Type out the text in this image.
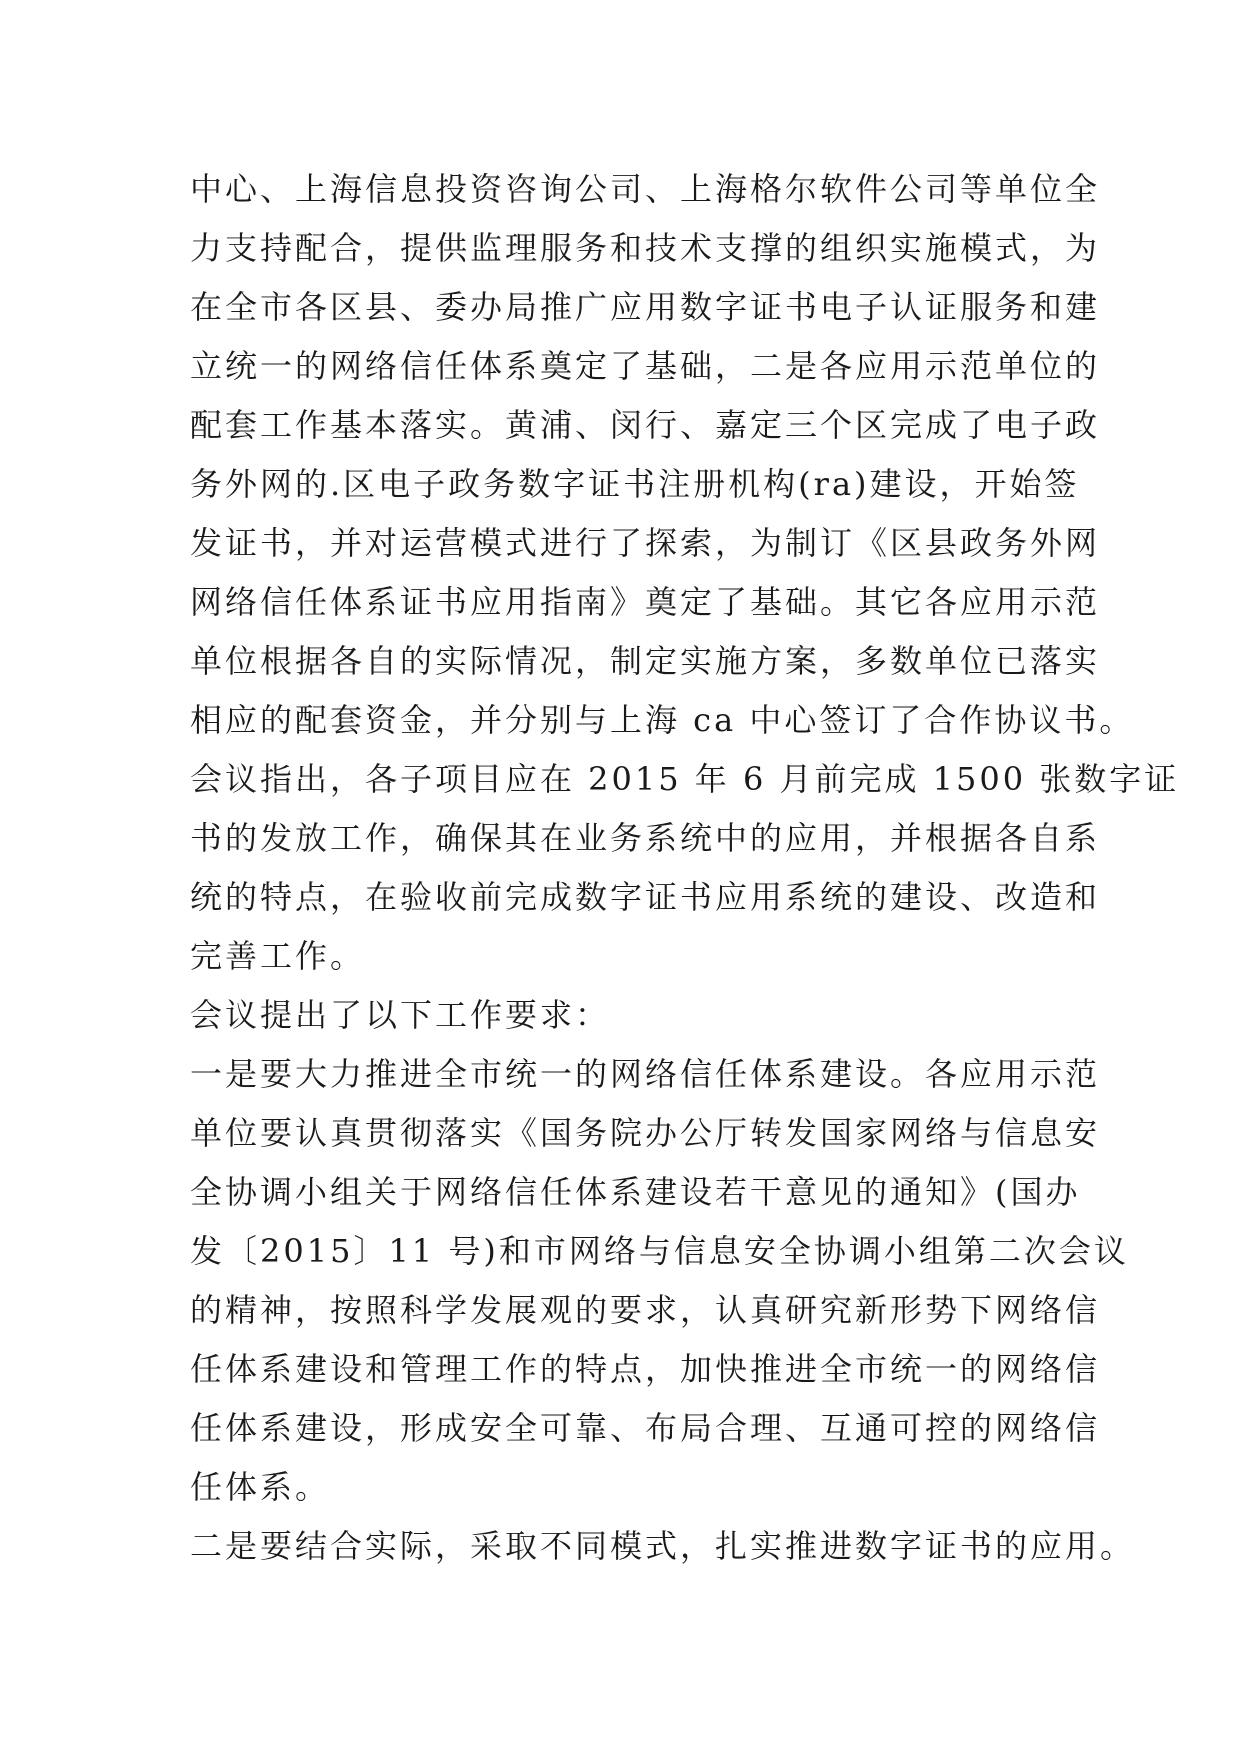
中心、上海信息投资咨询公司、上海格尔软件公司等单位全
力支持配合，提供监理服务和技术支撑的组织实施模式，为
在全市各区县、委办局推广应用数字证书电子认证服务和建
立统一的网络信任体系奠定了基础，二是各应用示范单位的
配套工作基本落实。黄浦、闵行、嘉定三个区完成了电子政
务外网的.区电子政务数字证书注册机构(ra)建设，开始签
发证书，并对运营模式进行了探索，为制订《区县政务外网
网络信任体系证书应用指南》奠定了基础。其它各应用示范
单位根据各自的实际情况，制定实施方案，多数单位已落实
相应的配套资金，并分别与上海 ca 中心签订了合作协议书。
会议指出，各子项目应在 2015 年 6 月前完成 1500 张数字证
书的发放工作，确保其在业务系统中的应用，并根据各自系
统的特点，在验收前完成数字证书应用系统的建设、改造和
完善工作。
会议提出了以下工作要求：
一是要大力推进全市统一的网络信任体系建设。各应用示范
单位要认真贯彻落实《国务院办公厅转发国家网络与信息安
全协调小组关于网络信任体系建设若干意见的通知》(国办
发〔2015〕11 号)和市网络与信息安全协调小组第二次会议
的精神，按照科学发展观的要求，认真研究新形势下网络信
任体系建设和管理工作的特点，加快推进全市统一的网络信
任体系建设，形成安全可靠、布局合理、互通可控的网络信
任体系。
二是要结合实际，采取不同模式，扎实推进数字证书的应用。
